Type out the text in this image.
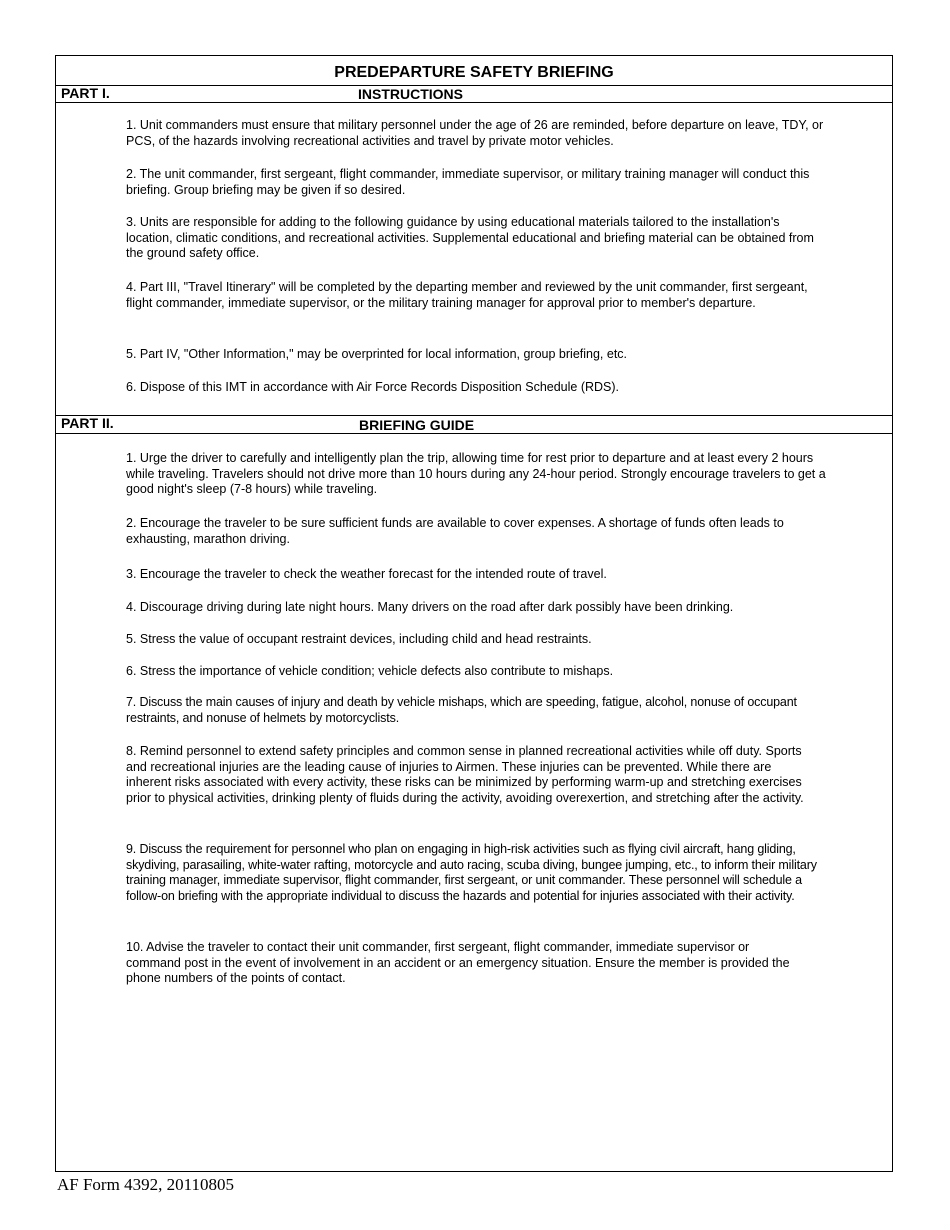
PREDEPARTURE SAFETY BRIEFING
PART I.	INSTRUCTIONS
PART II.	BRIEFING GUIDE

1. Unit commanders must ensure that military personnel under the age of 26 are reminded, before departure on leave, TDY, or PCS, of the hazards involving recreational activities and travel by private motor vehicles.

2. The unit commander, first sergeant, flight commander, immediate supervisor, or military training manager will conduct this briefing. Group briefing may be given if so desired.

3. Units are responsible for adding to the following guidance by using educational materials tailored to the installation's location, climatic conditions, and recreational activities. Supplemental educational and briefing material can be obtained from the ground safety office.

4. Part III, "Travel Itinerary" will be completed by the departing member and reviewed by the unit commander, first sergeant, flight commander, immediate supervisor, or the military training manager for approval prior to member's departure.

5. Part IV, "Other Information," may be overprinted for local information, group briefing, etc.

6. Dispose of this IMT in accordance with Air Force Records Disposition Schedule (RDS).

1. Urge the driver to carefully and intelligently plan the trip, allowing time for rest prior to departure and at least every 2 hours while traveling. Travelers should not drive more than 10 hours during any 24-hour period. Strongly encourage travelers to get a good night's sleep (7-8 hours) while traveling.

2. Encourage the traveler to be sure sufficient funds are available to cover expenses. A shortage of funds often leads to exhausting, marathon driving.

3. Encourage the traveler to check the weather forecast for the intended route of travel.

4. Discourage driving during late night hours. Many drivers on the road after dark possibly have been drinking.

5. Stress the value of occupant restraint devices, including child and head restraints.

6. Stress the importance of vehicle condition; vehicle defects also contribute to mishaps.

7. Discuss the main causes of injury and death by vehicle mishaps, which are speeding, fatigue, alcohol, nonuse of occupant restraints, and nonuse of helmets by motorcyclists.

8. Remind personnel to extend safety principles and common sense in planned recreational activities while off duty. Sports and recreational injuries are the leading cause of injuries to Airmen. These injuries can be prevented. While there are inherent risks associated with every activity, these risks can be minimized by performing warm-up and stretching exercises prior to physical activities, drinking plenty of fluids during the activity, avoiding overexertion, and stretching after the activity.

9. Discuss the requirement for personnel who plan on engaging in high-risk activities such as flying civil aircraft, hang gliding, skydiving, parasailing, white-water rafting, motorcycle and auto racing, scuba diving, bungee jumping, etc., to inform their military training manager, immediate supervisor, flight commander, first sergeant, or unit commander. These personnel will schedule a follow-on briefing with the appropriate individual to discuss the hazards and potential for injuries associated with their activity.

10. Advise the traveler to contact their unit commander, first sergeant, flight commander, immediate supervisor or command post in the event of involvement in an accident or an emergency situation. Ensure the member is provided the phone numbers of the points of contact.

AF Form 4392, 20110805
